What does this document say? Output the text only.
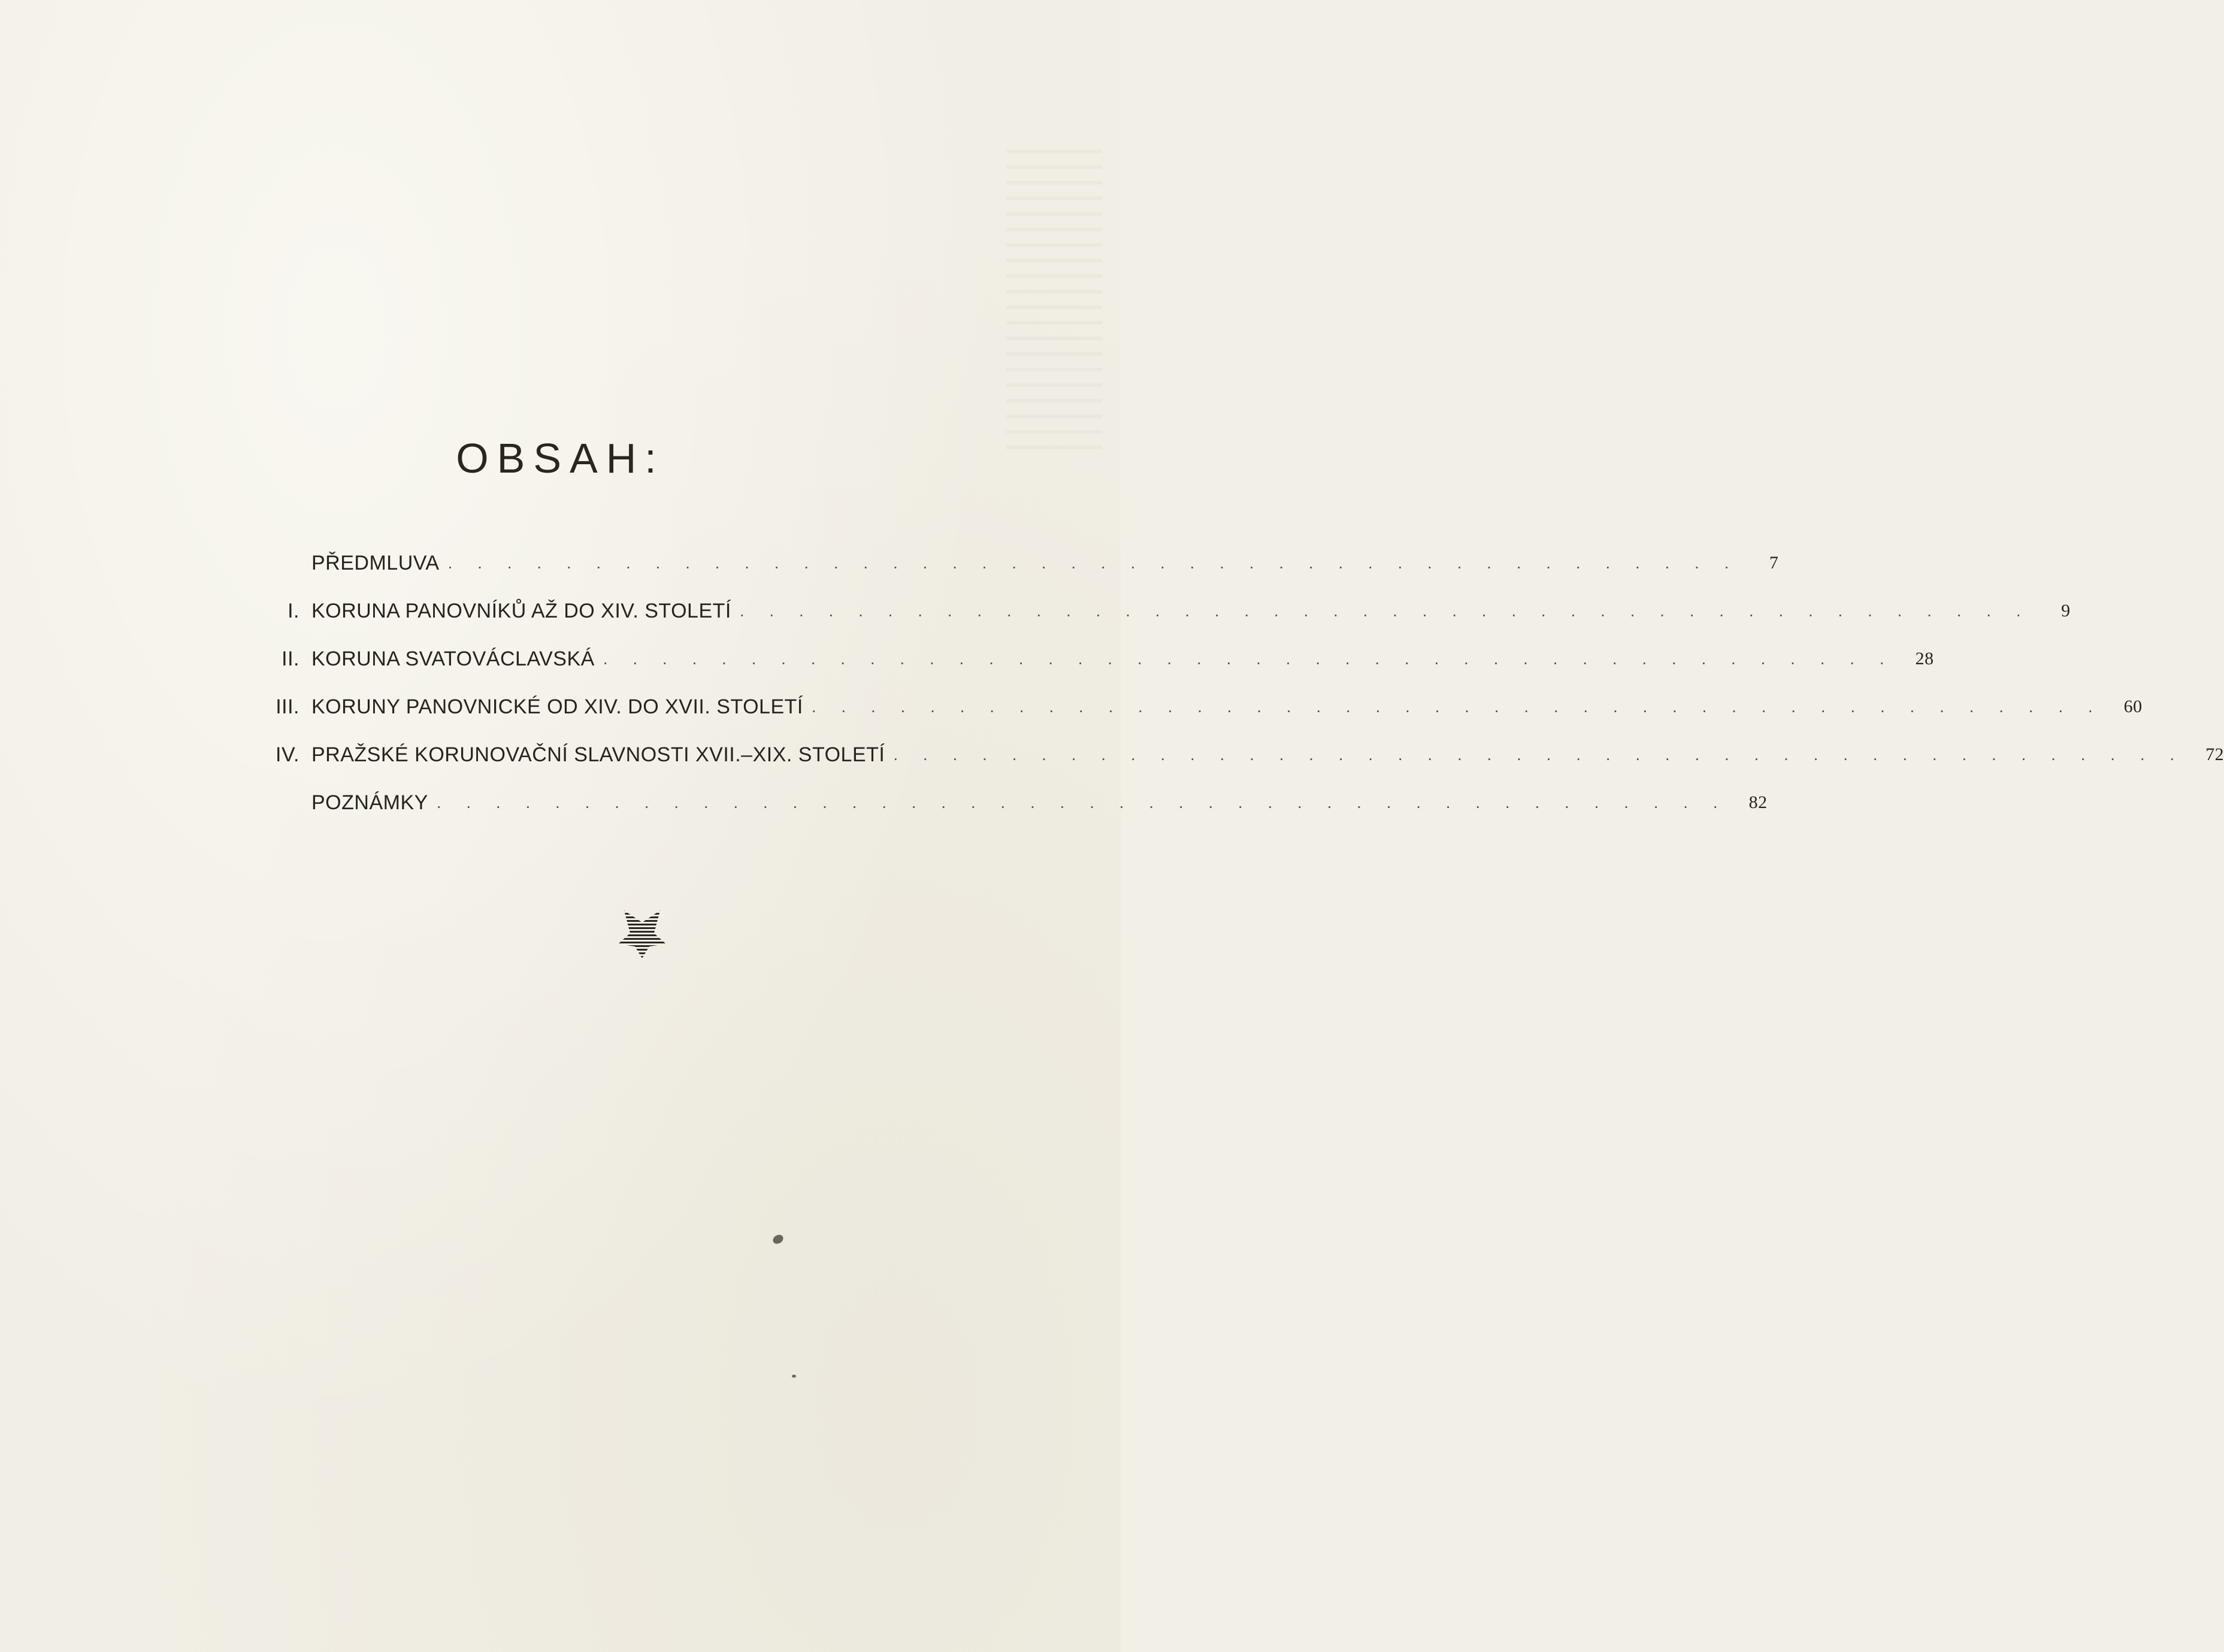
OBSAH:
PŘEDMLUVA . . . . . . . . . . . . . . . . . . . . . . . . . . . . . . . . . . . . . . . . . . . .	7
I. KORUNA PANOVNÍKŮ AŽ DO XIV. STOLETÍ . . . . . . . . . . . . . . . . . . . . . . . . . . . . . . . . . . . . . . . . . . . .	9
II. KORUNA SVATOVÁCLAVSKÁ . . . . . . . . . . . . . . . . . . . . . . . . . . . . . . . . . . . . . . . . . . . .	28
III. KORUNY PANOVNICKÉ OD XIV. DO XVII. STOLETÍ . . . . . . . . . . . . . . . . . . . . . . . . . . . . . . . . . . . . . . . . . . . .	60
IV. PRAŽSKÉ KORUNOVAČNÍ SLAVNOSTI XVII.–XIX. STOLETÍ . . . . . . . . . . . . . . . . . . . . . . . . . . . . . . . . . . . . . . . . . . . .	72
POZNÁMKY . . . . . . . . . . . . . . . . . . . . . . . . . . . . . . . . . . . . . . . . . . . .	82
